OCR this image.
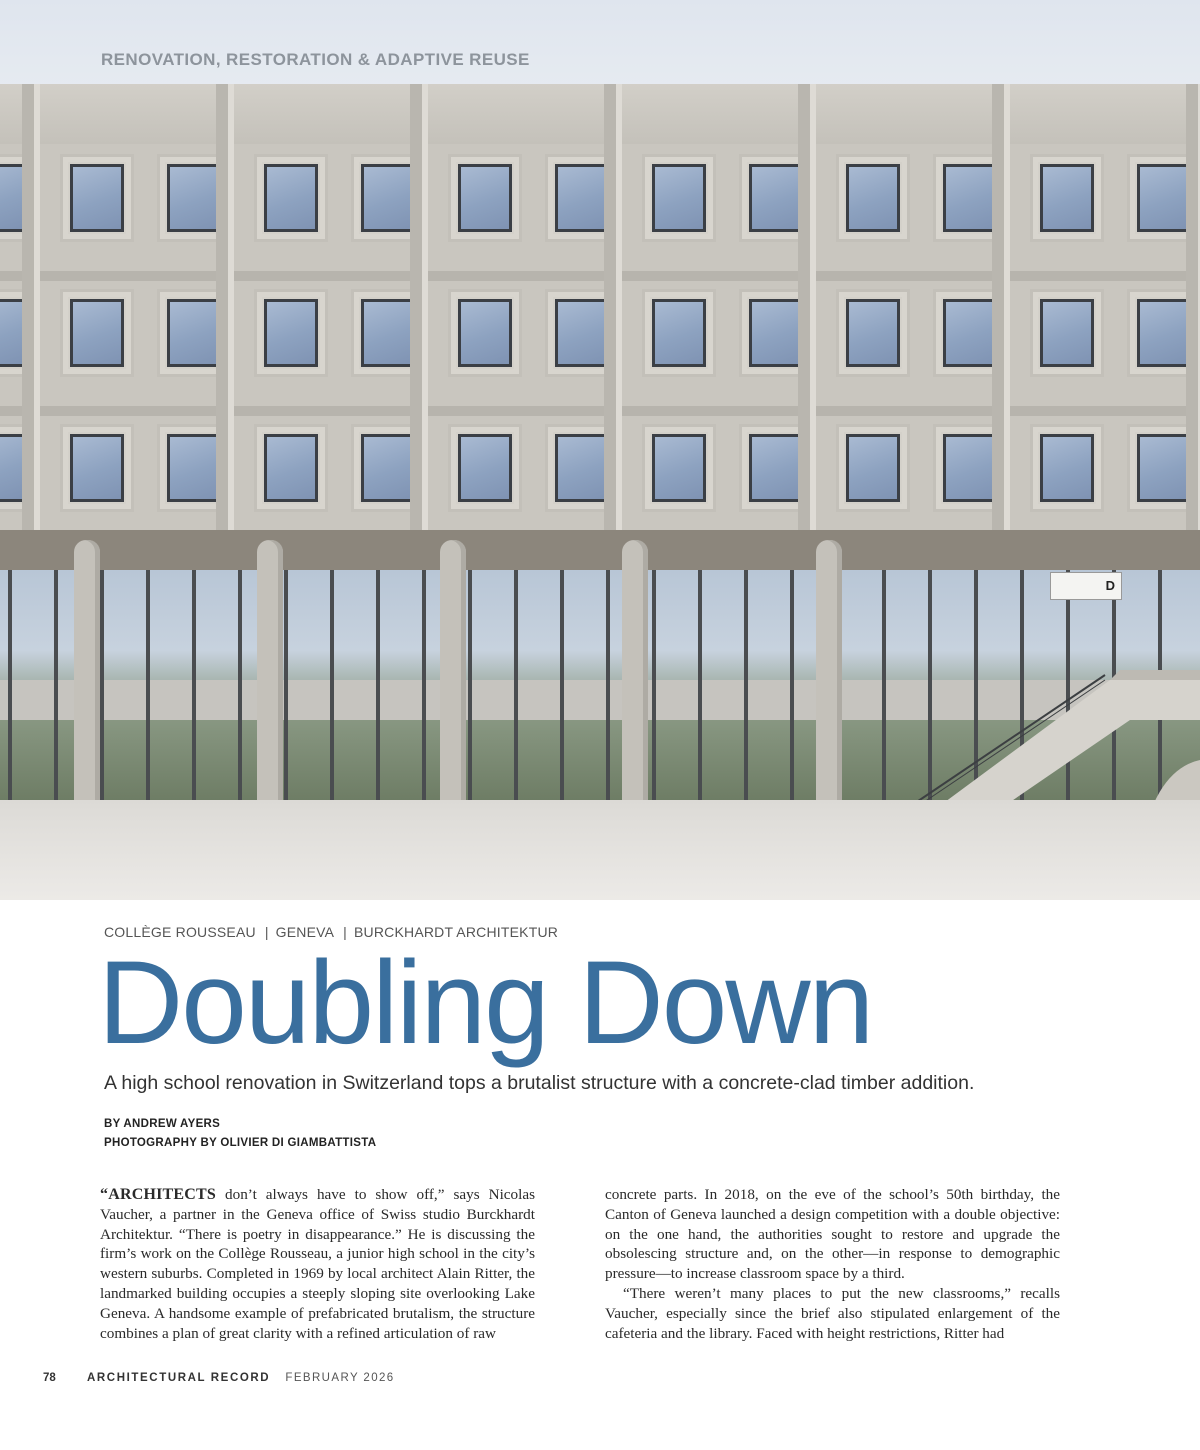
D
RENOVATION, RESTORATION & ADAPTIVE REUSE
COLLÈGE ROUSSEAU | GENEVA | BURCKHARDT ARCHITEKTUR
Doubling Down

A high school renovation in Switzerland tops a brutalist structure with a concrete-clad timber addition.

BY ANDREW AYERS
PHOTOGRAPHY BY OLIVIER DI GIAMBATTISTA

“ARCHITECTS don’t always have to show off,” says Nicolas Vaucher, a partner in the Geneva office of Swiss studio Burckhardt Architektur. “There is poetry in disappearance.” He is discussing the firm’s work on the Collège Rousseau, a junior high school in the city’s western suburbs. Completed in 1969 by local architect Alain Ritter, the landmarked building occupies a steeply sloping site overlooking Lake Geneva. A handsome example of prefabricated brutalism, the structure combines a plan of great clarity with a refined articulation of raw

concrete parts. In 2018, on the eve of the school’s 50th birthday, the Canton of Geneva launched a design competition with a double objective: on the one hand, the authorities sought to restore and upgrade the obsolescing structure and, on the other—in response to demographic pressure—to increase classroom space by a third.

“There weren’t many places to put the new classrooms,” recalls Vaucher, especially since the brief also stipulated enlargement of the cafeteria and the library. Faced with height restrictions, Ritter had

78	ARCHITECTURAL RECORD FEBRUARY 2026
